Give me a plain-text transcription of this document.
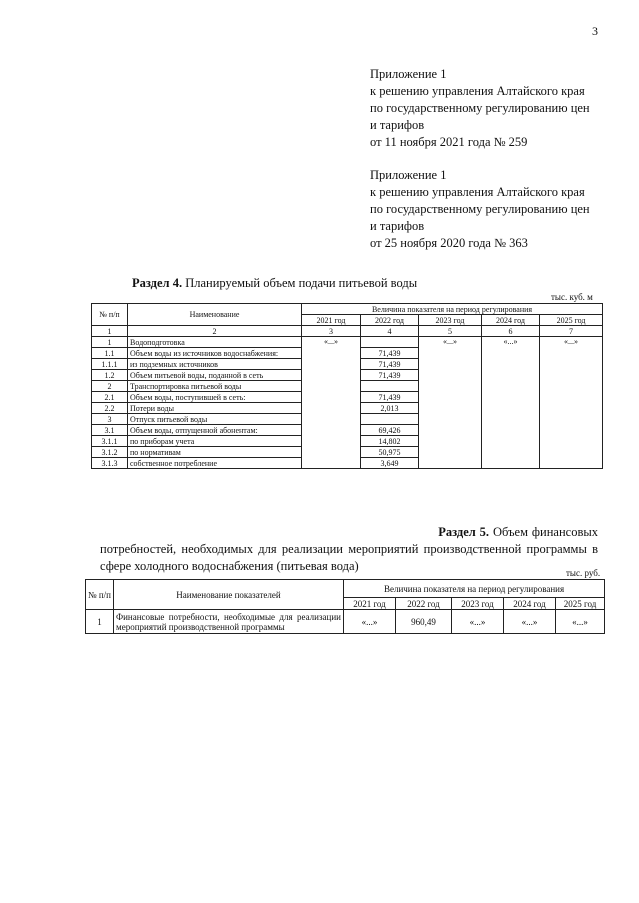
3
Приложение 1
к решению управления Алтайского края
по государственному регулированию цен
и тарифов
от 11 ноября 2021 года № 259
Приложение 1
к решению управления Алтайского края
по государственному регулированию цен
и тарифов
от 25 ноября 2020 года № 363
Раздел 4. Планируемый объем подачи питьевой воды
тыс. куб. м
№ п/п	Наименование	Величина показателя на период регулирования				
		2021 год	2022 год	2023 год	2024 год	2025 год
1	2	3	4	5	6	7
1	Водоподготовка	«...»		«...»	«...»	«...»
1.1	Объем воды из источников водоснабжения:		71,439			
1.1.1	из подземных источников		71,439			
1.2	Объем питьевой воды, поданной в сеть		71,439			
2	Транспортировка питьевой воды					
2.1	Объем воды, поступившей в сеть:		71,439			
2.2	Потери воды		2,013			
3	Отпуск питьевой воды					
3.1	Объем воды, отпущенной абонентам:		69,426			
3.1.1	по приборам учета		14,802			
3.1.2	по нормативам		50,975			
3.1.3	собственное потребление		3,649			
Раздел 5. Объем финансовых потребностей, необходимых для реализации мероприятий производственной программы в сфере холодного водоснабжения (питьевая вода)	тыс. руб.
№ п/п	Наименование показателей	Величина показателя на период регулирования				
		2021 год	2022 год	2023 год	2024 год	2025 год
1	Финансовые потребности, необходимые для реализации мероприятий производственной программы	«...»	960,49	«...»	«...»	«...»
